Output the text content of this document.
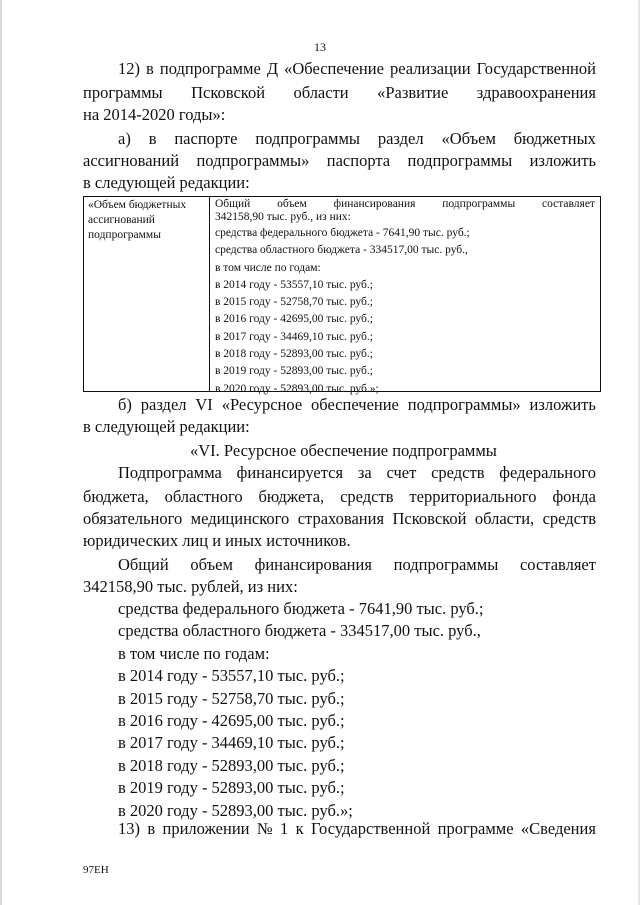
13
12) в подпрограмме Д «Обеспечение реализации Государственной
программы Псковской области «Развитие здравоохранения
на 2014-2020 годы»:
а) в паспорте подпрограммы раздел «Объем бюджетных
ассигнований подпрограммы» паспорта подпрограммы изложить
в следующей редакции:
«Объем бюджетных ассигнований подпрограммы
Общий объем финансирования подпрограммы составляет
342158,90 тыс. руб., из них:
средства федерального бюджета - 7641,90 тыс. руб.;
средства областного бюджета - 334517,00 тыс. руб.,
в том числе по годам:
в 2014 году - 53557,10 тыс. руб.;
в 2015 году - 52758,70 тыс. руб.;
в 2016 году - 42695,00 тыс. руб.;
в 2017 году - 34469,10 тыс. руб.;
в 2018 году - 52893,00 тыс. руб.;
в 2019 году - 52893,00 тыс. руб.;
в 2020 году - 52893,00 тыс. руб.»;
б) раздел VI «Ресурсное обеспечение подпрограммы» изложить
в следующей редакции:
«VI. Ресурсное обеспечение подпрограммы
Подпрограмма финансируется за счет средств федерального
бюджета, областного бюджета, средств территориального фонда
обязательного медицинского страхования Псковской области, средств
юридических лиц и иных источников.
Общий объем финансирования подпрограммы составляет
342158,90 тыс. рублей, из них:
средства федерального бюджета - 7641,90 тыс. руб.;
средства областного бюджета - 334517,00 тыс. руб.,
в том числе по годам:
в 2014 году - 53557,10 тыс. руб.;
в 2015 году - 52758,70 тыс. руб.;
в 2016 году - 42695,00 тыс. руб.;
в 2017 году - 34469,10 тыс. руб.;
в 2018 году - 52893,00 тыс. руб.;
в 2019 году - 52893,00 тыс. руб.;
в 2020 году - 52893,00 тыс. руб.»;
13) в приложении № 1 к Государственной программе «Сведения
97EH
